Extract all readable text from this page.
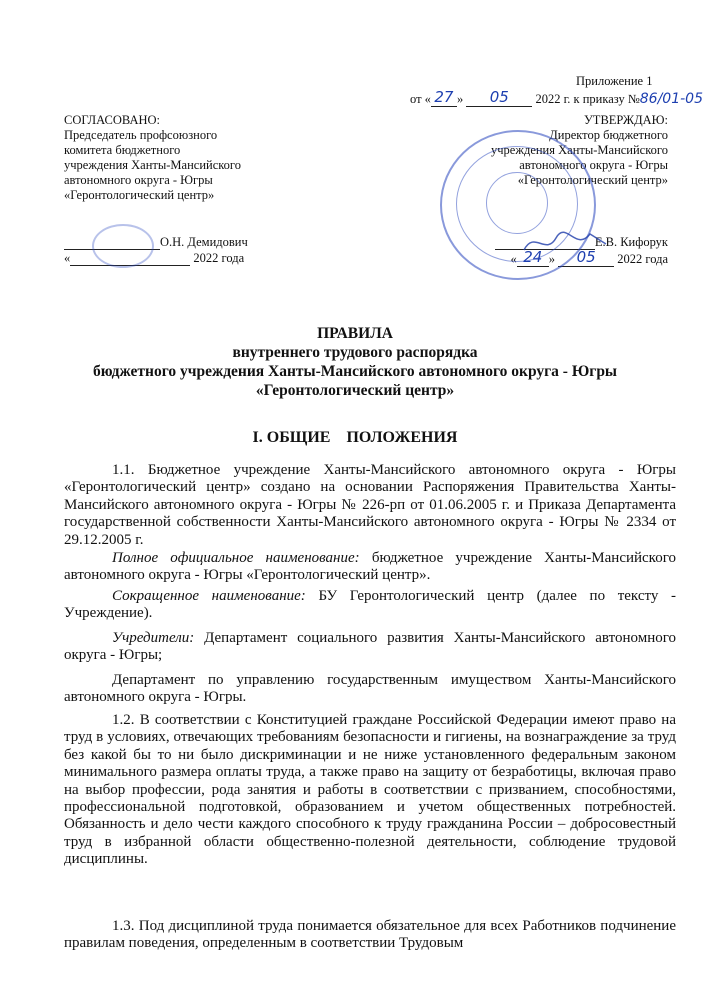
Приложение 1
от « 27 » 05 2022 г. к приказу №86/01-05
СОГЛАСОВАНО:
Председатель профсоюзного
комитета бюджетного
учреждения Ханты-Мансийского
автономного округа - Югры
«Геронтологический центр»
О.Н. Демидович
«	2022 года
УТВЕРЖДАЮ:
Директор бюджетного
учреждения Ханты-Мансийского
автономного округа - Югры
«Геронтологический центр»
Е.В. Кифорук
« 24 » 05 2022 года
ПРАВИЛА
внутреннего трудового распорядка
бюджетного учреждения Ханты-Мансийского автономного округа - Югры
«Геронтологический центр»
I. ОБЩИЕ    ПОЛОЖЕНИЯ
1.1. Бюджетное учреждение Ханты-Мансийского автономного округа - Югры «Геронтологический центр» создано на основании Распоряжения Правительства Ханты-Мансийского автономного округа - Югры № 226-рп от 01.06.2005 г. и Приказа Департамента государственной собственности Ханты-Мансийского автономного округа - Югры № 2334 от 29.12.2005 г.
Полное официальное наименование: бюджетное учреждение Ханты-Мансийского автономного округа - Югры «Геронтологический центр».
Сокращенное наименование: БУ Геронтологический центр (далее по тексту - Учреждение).
Учредители: Департамент социального развития Ханты-Мансийского автономного округа - Югры;
Департамент по управлению государственным имуществом Ханты-Мансийского автономного округа - Югры.
1.2. В соответствии с Конституцией граждане Российской Федерации имеют право на труд в условиях, отвечающих требованиям безопасности и гигиены, на вознаграждение за труд без какой бы то ни было дискриминации и не ниже установленного федеральным законом минимального размера оплаты труда, а также право на защиту от безработицы, включая право на выбор профессии, рода занятия и работы в соответствии с призванием, способностями, профессиональной подготовкой, образованием и учетом общественных потребностей. Обязанность и дело чести каждого способного к труду гражданина России – добросовестный труд в избранной области общественно-полезной деятельности, соблюдение трудовой дисциплины.
1.3. Под дисциплиной труда понимается обязательное для всех Работников подчинение правилам поведения, определенным в соответствии Трудовым
